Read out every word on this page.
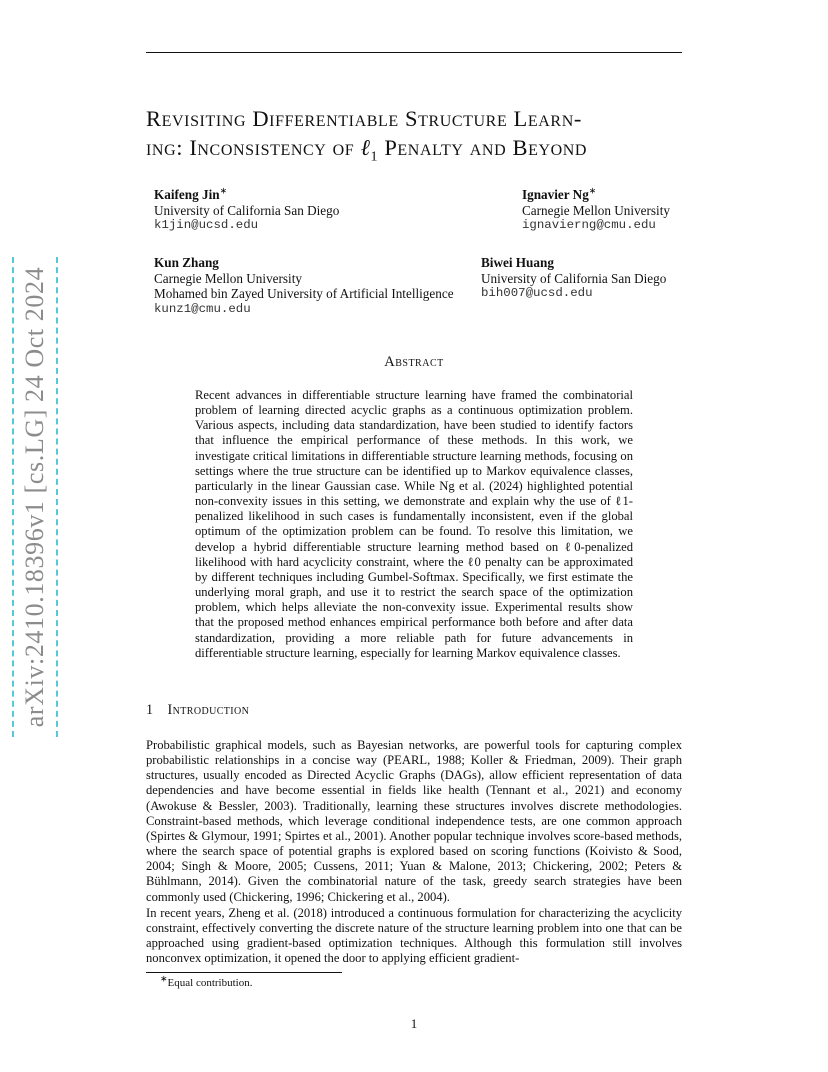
arXiv:2410.18396v1 [cs.LG] 24 Oct 2024
Revisiting Differentiable Structure Learn-
ing: Inconsistency of ℓ$_1$ Penalty and Beyond
Kaifeng Jin∗
University of California San Diego
k1jin@ucsd.edu
Ignavier Ng∗
Carnegie Mellon University
ignavierng@cmu.edu
Kun Zhang
Carnegie Mellon University
Mohamed bin Zayed University of Artificial Intelligence
kunz1@cmu.edu
Biwei Huang
University of California San Diego
bih007@ucsd.edu
Abstract
Recent advances in differentiable structure learning have framed the combinatorial problem of learning directed acyclic graphs as a continuous optimization problem. Various aspects, including data standardization, have been studied to identify factors that influence the empirical performance of these methods. In this work, we investigate critical limitations in differentiable structure learning methods, focusing on settings where the true structure can be identified up to Markov equivalence classes, particularly in the linear Gaussian case. While Ng et al. (2024) highlighted potential non-convexity issues in this setting, we demonstrate and explain why the use of ℓ1-penalized likelihood in such cases is fundamentally inconsistent, even if the global optimum of the optimization problem can be found. To resolve this limitation, we develop a hybrid differentiable structure learning method based on ℓ0-penalized likelihood with hard acyclicity constraint, where the ℓ0 penalty can be approximated by different techniques including Gumbel-Softmax. Specifically, we first estimate the underlying moral graph, and use it to restrict the search space of the optimization problem, which helps alleviate the non-convexity issue. Experimental results show that the proposed method enhances empirical performance both before and after data standardization, providing a more reliable path for future advancements in differentiable structure learning, especially for learning Markov equivalence classes.
1 Introduction
Probabilistic graphical models, such as Bayesian networks, are powerful tools for capturing complex probabilistic relationships in a concise way (PEARL, 1988; Koller & Friedman, 2009). Their graph structures, usually encoded as Directed Acyclic Graphs (DAGs), allow efficient representation of data dependencies and have become essential in fields like health (Tennant et al., 2021) and economy (Awokuse & Bessler, 2003). Traditionally, learning these structures involves discrete methodologies. Constraint-based methods, which leverage conditional independence tests, are one common approach (Spirtes & Glymour, 1991; Spirtes et al., 2001). Another popular technique involves score-based methods, where the search space of potential graphs is explored based on scoring functions (Koivisto & Sood, 2004; Singh & Moore, 2005; Cussens, 2011; Yuan & Malone, 2013; Chickering, 2002; Peters & Bühlmann, 2014). Given the combinatorial nature of the task, greedy search strategies have been commonly used (Chickering, 1996; Chickering et al., 2004).
In recent years, Zheng et al. (2018) introduced a continuous formulation for characterizing the acyclicity constraint, effectively converting the discrete nature of the structure learning problem into one that can be approached using gradient-based optimization techniques. Although this formulation still involves nonconvex optimization, it opened the door to applying efficient gradient-
∗Equal contribution.
1
